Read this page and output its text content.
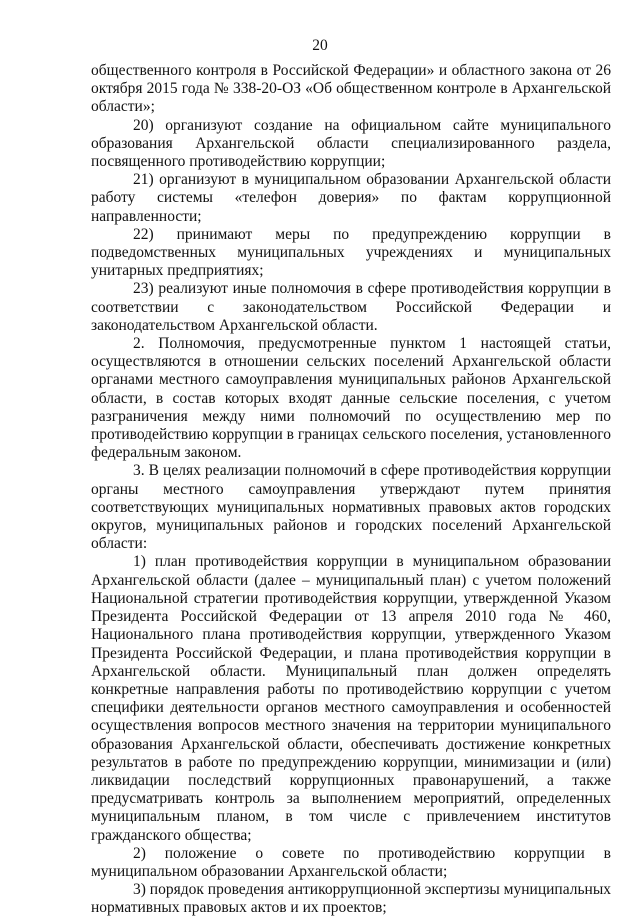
20

общественного контроля в Российской Федерации» и областного закона от 26 октября 2015 года № 338-20-ОЗ «Об общественном контроле в Архангельской области»;

20) организуют создание на официальном сайте муниципального образования Архангельской области специализированного раздела, посвященного противодействию коррупции;

21) организуют в муниципальном образовании Архангельской области работу системы «телефон доверия» по фактам коррупционной направленности;

22) принимают меры по предупреждению коррупции в подведомственных муниципальных учреждениях и муниципальных унитарных предприятиях;

23) реализуют иные полномочия в сфере противодействия коррупции в соответствии с законодательством Российской Федерации и законодательством Архангельской области.

2. Полномочия, предусмотренные пунктом 1 настоящей статьи, осуществляются в отношении сельских поселений Архангельской области органами местного самоуправления муниципальных районов Архангельской области, в состав которых входят данные сельские поселения, с учетом разграничения между ними полномочий по осуществлению мер по противодействию коррупции в границах сельского поселения, установленного федеральным законом.

3. В целях реализации полномочий в сфере противодействия коррупции органы местного самоуправления утверждают путем принятия соответствующих муниципальных нормативных правовых актов городских округов, муниципальных районов и городских поселений Архангельской области:

1) план противодействия коррупции в муниципальном образовании Архангельской области (далее – муниципальный план) с учетом положений Национальной стратегии противодействия коррупции, утвержденной Указом Президента Российской Федерации от 13 апреля 2010 года № 460, Национального плана противодействия коррупции, утвержденного Указом Президента Российской Федерации, и плана противодействия коррупции в Архангельской области. Муниципальный план должен определять конкретные направления работы по противодействию коррупции с учетом специфики деятельности органов местного самоуправления и особенностей осуществления вопросов местного значения на территории муниципального образования Архангельской области, обеспечивать достижение конкретных результатов в работе по предупреждению коррупции, минимизации и (или) ликвидации последствий коррупционных правонарушений, а также предусматривать контроль за выполнением мероприятий, определенных муниципальным планом, в том числе с привлечением институтов гражданского общества;

2) положение о совете по противодействию коррупции в муниципальном образовании Архангельской области;

3) порядок проведения антикоррупционной экспертизы муниципальных нормативных правовых актов и их проектов;
